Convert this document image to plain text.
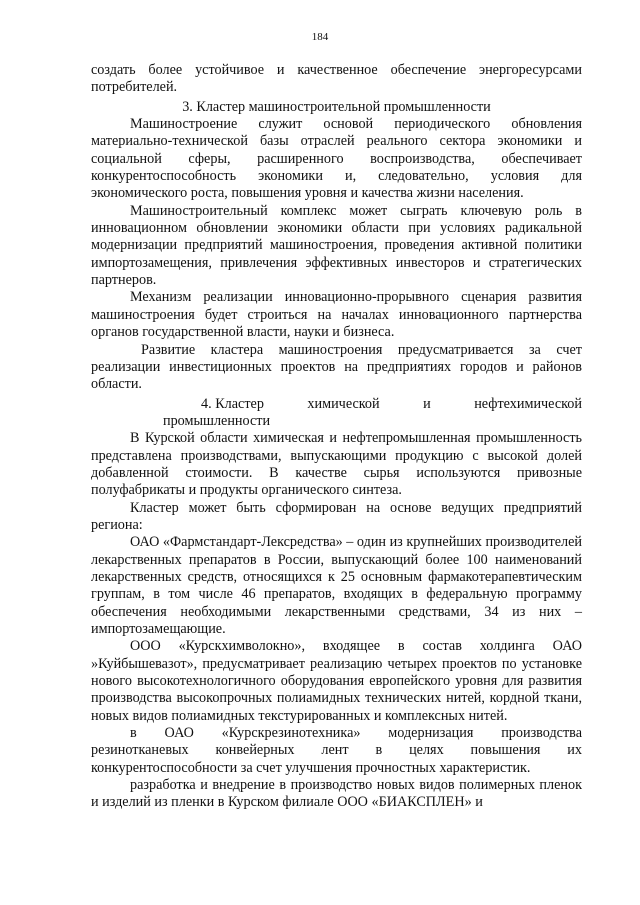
184

создать более устойчивое и качественное обеспечение энергоресурсами потребителей.

3. Кластер машиностроительной промышленности

Машиностроение служит основой периодического обновления материально-технической базы отраслей реального сектора экономики и социальной сферы, расширенного воспроизводства, обеспечивает конкурентоспособность экономики и, следовательно, условия для экономического роста, повышения уровня и качества жизни населения.

Машиностроительный комплекс может сыграть ключевую роль в инновационном обновлении экономики области при условиях радикальной модернизации предприятий машиностроения, проведения активной политики импортозамещения, привлечения эффективных инвесторов и стратегических партнеров.

Механизм реализации инновационно-прорывного сценария развития машиностроения будет строиться на началах инновационного партнерства органов государственной власти, науки и бизнеса.

Развитие кластера машиностроения предусматривается за счет реализации инвестиционных проектов на предприятиях городов и районов области.

4. Кластер	химической	и	нефтехимической
промышленности

В Курской области химическая и нефтепромышленная промышленность представлена производствами, выпускающими продукцию с высокой долей добавленной стоимости. В качестве сырья используются привозные полуфабрикаты и продукты органического синтеза.

Кластер может быть сформирован на основе ведущих предприятий региона:

ОАО «Фармстандарт-Лексредства» – один из крупнейших производителей лекарственных препаратов в России, выпускающий более 100 наименований лекарственных средств, относящихся к 25 основным фармакотерапевтическим группам, в том числе 46 препаратов, входящих в федеральную программу обеспечения необходимыми лекарственными средствами, 34 из них – импортозамещающие.

ООО «Курскхимволокно», входящее в состав холдинга ОАО »Куйбышевазот», предусматривает реализацию четырех проектов по установке нового высокотехнологичного оборудования европейского уровня для развития производства высокопрочных полиамидных технических нитей, кордной ткани, новых видов полиамидных текстурированных и комплексных нитей.

в ОАО «Курскрезинотехника» модернизация производства резинотканевых конвейерных лент в целях повышения их конкурентоспособности за счет улучшения прочностных характеристик.

разработка и внедрение в производство новых видов полимерных пленок и изделий из пленки в Курском филиале ООО «БИАКСПЛЕН» и
